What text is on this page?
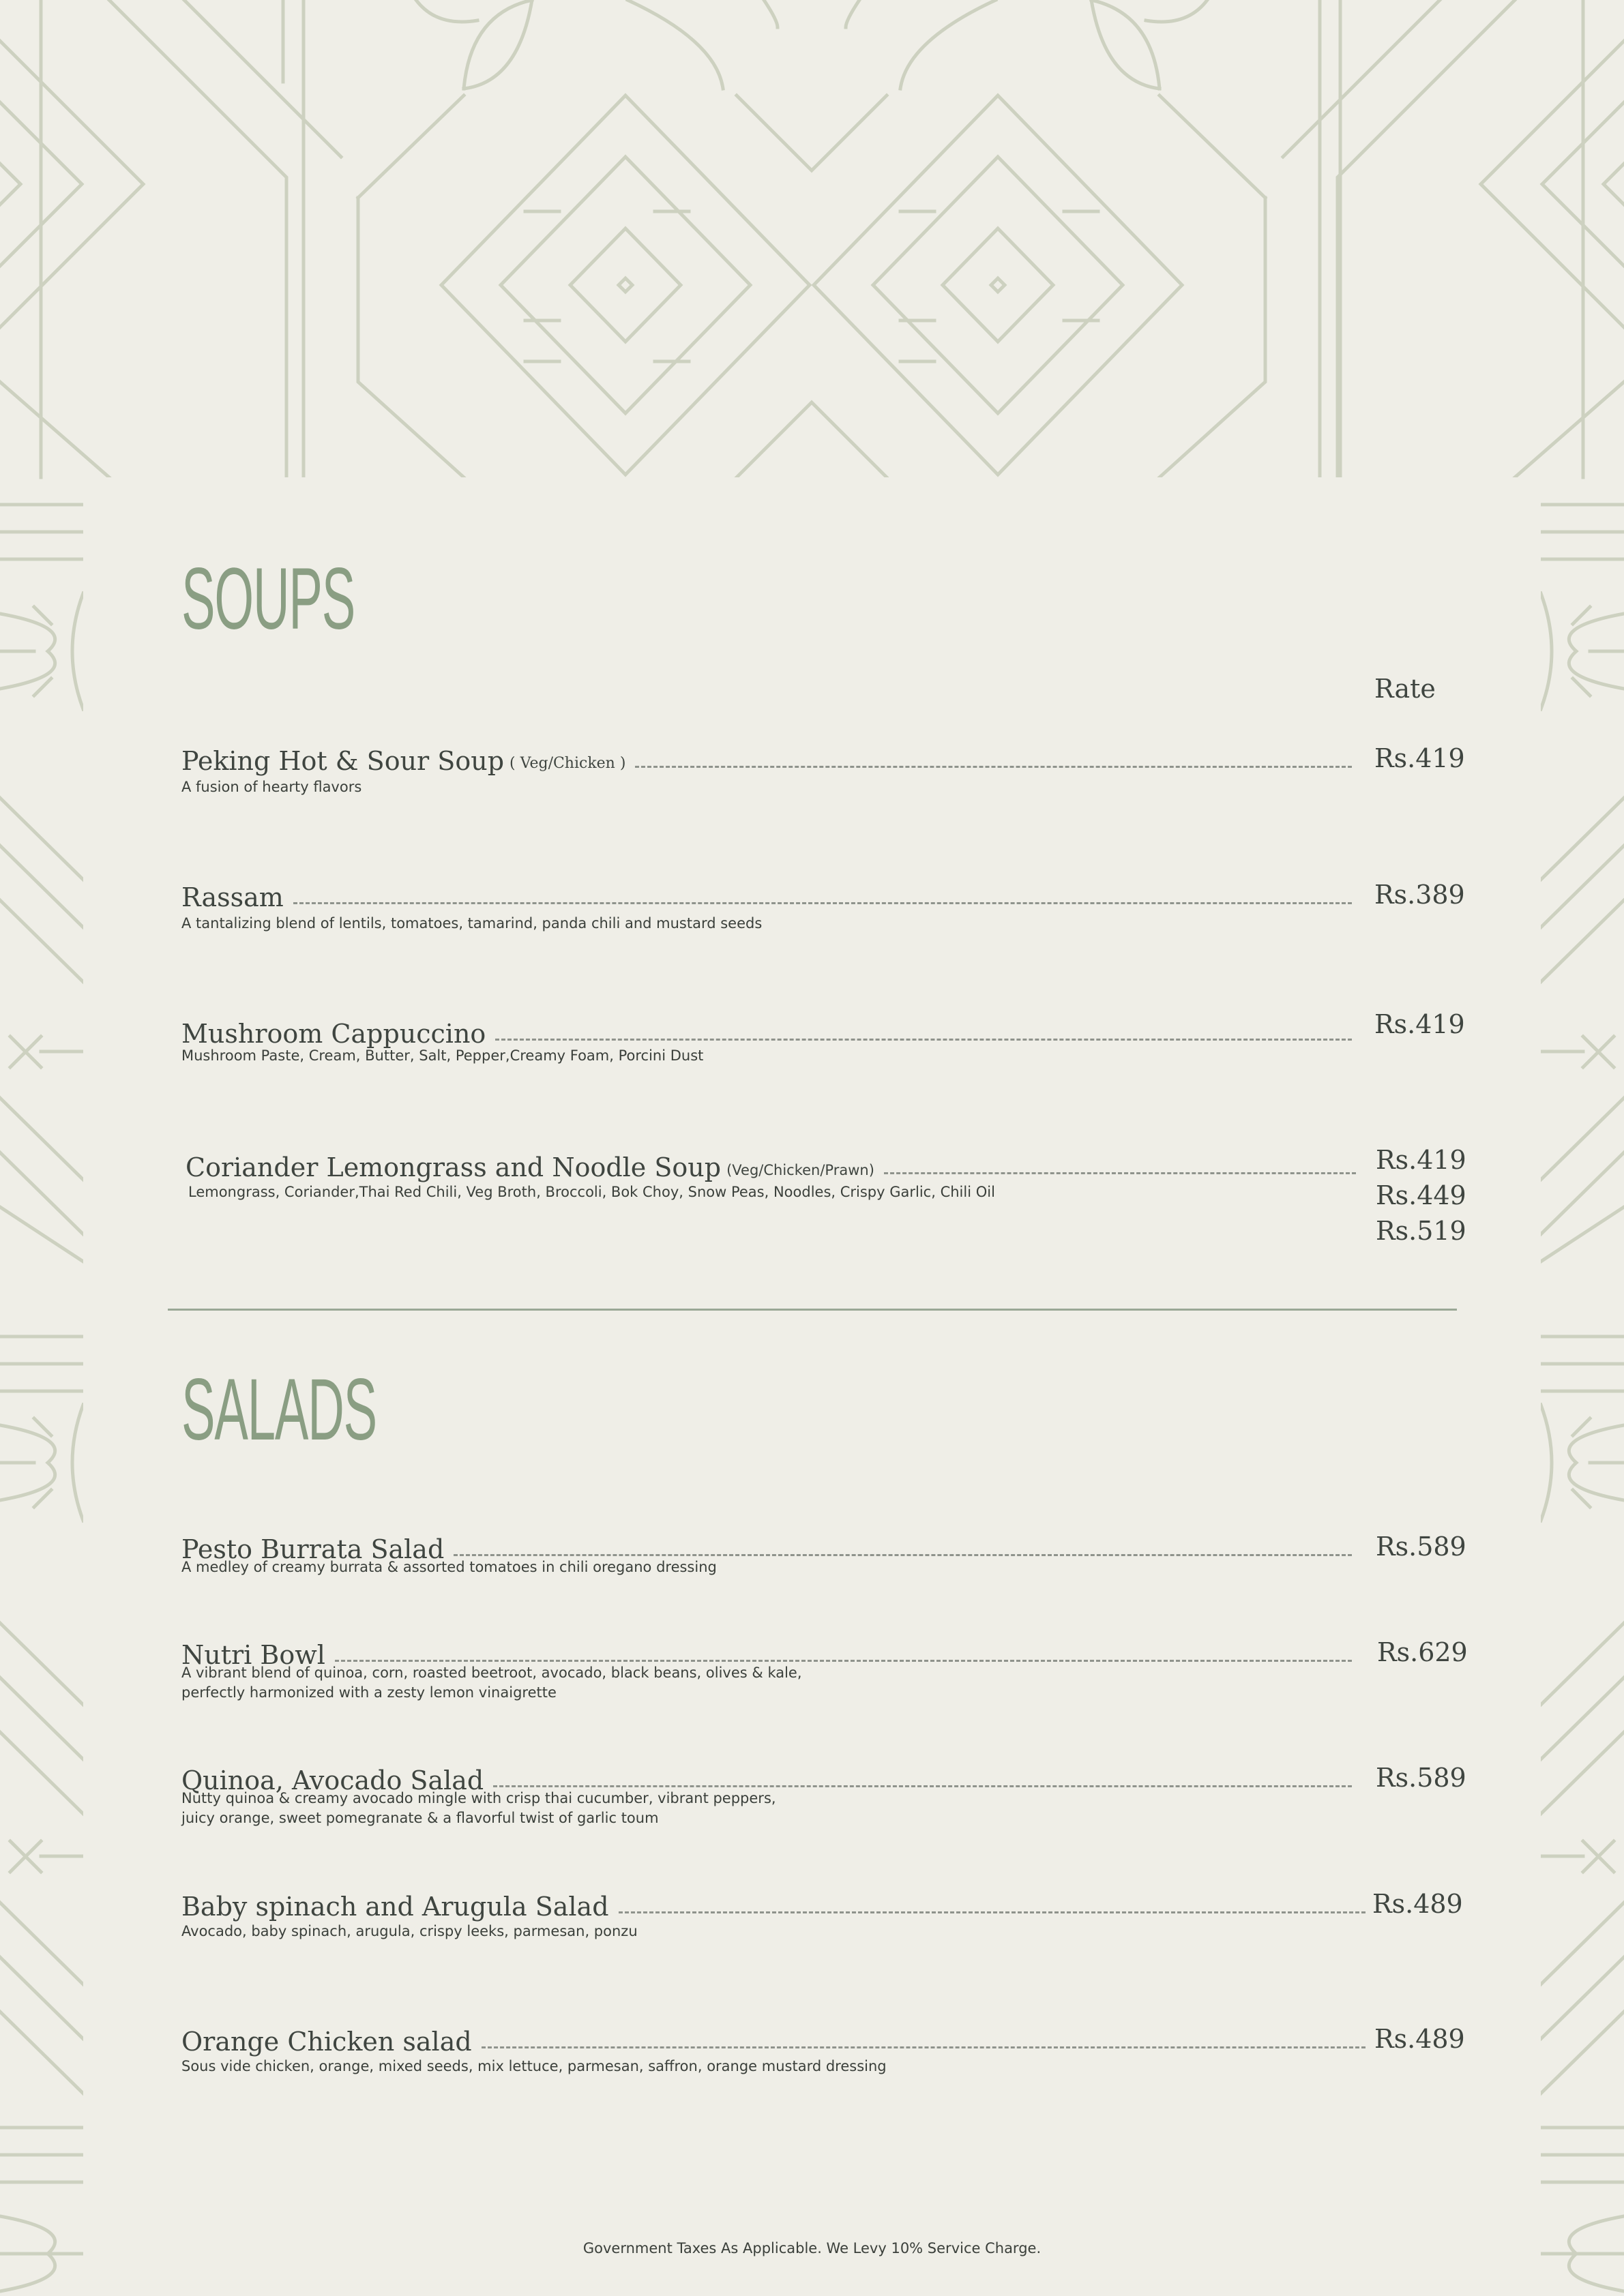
SOUPS
Rate
Peking Hot & Sour Soup ( Veg/Chicken )
A fusion of hearty flavors
Rs.419
Rassam
A tantalizing blend of lentils, tomatoes, tamarind, panda chili and mustard seeds
Rs.389
Mushroom Cappuccino
Mushroom Paste, Cream, Butter, Salt, Pepper,Creamy Foam, Porcini Dust
Rs.419
Coriander Lemongrass and Noodle Soup (Veg/Chicken/Prawn)
Lemongrass, Coriander,Thai Red Chili, Veg Broth, Broccoli, Bok Choy, Snow Peas, Noodles, Crispy Garlic, Chili Oil
Rs.419
Rs.449
Rs.519
SALADS
Pesto Burrata Salad
A medley of creamy burrata & assorted tomatoes in chili oregano dressing
Rs.589
Nutri Bowl
A vibrant blend of quinoa, corn, roasted beetroot, avocado, black beans, olives & kale,
perfectly harmonized with a zesty lemon vinaigrette
Rs.629
Quinoa, Avocado Salad
Nutty quinoa & creamy avocado mingle with crisp thai cucumber, vibrant peppers,
juicy orange, sweet pomegranate & a flavorful twist of garlic toum
Rs.589
Baby spinach and Arugula Salad
Avocado, baby spinach, arugula, crispy leeks, parmesan, ponzu
Rs.489
Orange Chicken salad
Sous vide chicken, orange, mixed seeds, mix lettuce, parmesan, saffron, orange mustard dressing
Rs.489
Government Taxes As Applicable. We Levy 10% Service Charge.
